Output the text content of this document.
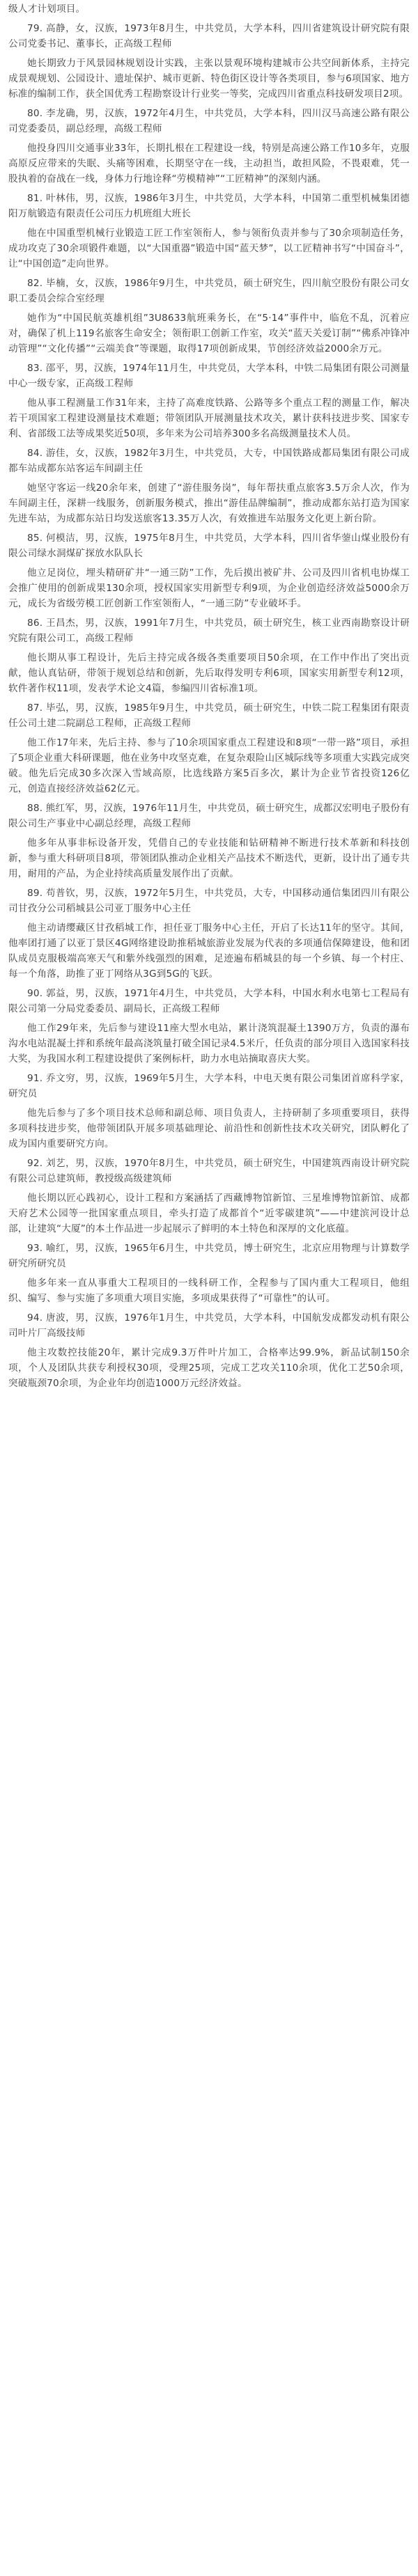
级人才计划项目。

79. 高静，女，汉族，1973年8月生，中共党员，大学本科，四川省建筑设计研究院有限公司党委书记、董事长，正高级工程师

她长期致力于风景园林规划设计实践，主张以景观环境构建城市公共空间新体系，主持完成景观规划、公园设计、遗址保护、城市更新、特色街区设计等各类项目，参与6项国家、地方标准的编制工作，获全国优秀工程勘察设计行业奖一等奖，完成四川省重点科技研发项目2项。

80. 李龙确，男，汉族，1972年4月生，中共党员，大学本科，四川汉马高速公路有限公司党委委员，副总经理，高级工程师

他投身四川交通事业33年，长期扎根在工程建设一线，特别是高速公路工作10多年，克服高原反应带来的失眠、头痛等困难，长期坚守在一线，主动担当，敢担风险，不畏艰难，凭一股执着的奋战在一线，身体力行地诠释“劳模精神”“工匠精神”的深刻内涵。

81. 叶林伟，男，汉族，1986年3月生，中共党员，大学本科，中国第二重型机械集团德阳万航锻造有限责任公司压力机班组大班长

他在中国重型机械行业锻造工匠工作室领衔人，参与领衔负责并参与了30余项制造任务，成功攻克了30余项锻件难题，以“大国重器”锻造中国“蓝天梦”，以工匠精神书写“中国奋斗”，让“中国创造”走向世界。

82. 毕楠，女，汉族，1986年9月生，中共党员，硕士研究生，四川航空股份有限公司女职工委员会综合室经理

她作为“中国民航英雄机组”3U8633航班乘务长，在“5·14”事件中，临危不乱，沉着应对，确保了机上119名旅客生命安全；领衔职工创新工作室，攻关“蓝天关爱订制”“佛系冲锋冲动管理”“文化传播”“云端美食”等课题，取得17项创新成果，节创经济效益2000余万元。

83. 邵平，男，汉族，1974年11月生，中共党员，大学本科，中铁二局集团有限公司测量中心一级专家，正高级工程师

他从事工程测量工作31年来，主持了高难度铁路、公路等多个重点工程的测量工作，解决若干项国家工程建设测量技术难题；带领团队开展测量技术攻关，累计获科技进步奖、国家专利、省部级工法等成果奖近50项，多年来为公司培养300多名高级测量技术人员。

84. 游佳，女，汉族，1982年3月生，中共党员，大专，中国铁路成都局集团有限公司成都车站成都东站客运车间副主任

她坚守客运一线20余年来，创建了“游佳服务岗”，每年帮扶重点旅客3.5万余人次，作为车间副主任，深耕一线服务，创新服务模式，推出“游佳品牌编制”，推动成都东站打造为国家先进车站，为成都东站日均发送旅客13.35万人次，有效推进车站服务文化更上新台阶。

85. 何模洁，男，汉族，1975年8月生，中共党员，大学本科，四川省华蓥山煤业股份有限公司绿水洞煤矿探放水队队长

他立足岗位，埋头精研矿井“一通三防”工作，先后摸出被矿井、公司及四川省机电协煤工会推广使用的创新成果130余项，授权国家实用新型专利9项，为企业创造经济效益5000余万元，成长为省级劳模工匠创新工作室领衔人，“一通三防”专业破坏手。

86. 王昌杰，男，汉族，1991年7月生，中共党员，硕士研究生，核工业西南勘察设计研究院有限公司工，高级工程师

他长期从事工程设计，先后主持完成各级各类重要项目50余项，在工作中作出了突出贡献，他认真钻研，带领于规划总结和创新，先后取得发明专利6项，国家实用新型专利12项，软件著作权11项，发表学术论文4篇，参编四川省标准1项。

87. 毕弘，男，汉族，1985年9月生，中共党员，硕士研究生，中铁二院工程集团有限责任公司土建二院副总工程师，正高级工程师

他工作17年来，先后主持、参与了10余项国家重点工程建设和8项“一带一路”项目，承担了5项企业重大科研课题，他在业务中攻坚克难，在复杂艰险山区城际线等多项重大实践完成突破。他先后完成30多次深入雪域高原，比选线路方案5百多次，累计为企业节省投资126亿元，创造直接经济效益62亿元。

88. 熊红军，男，汉族，1976年11月生，中共党员，硕士研究生，成都汉宏明电子股份有限公司生产事业中心副总经理，高级工程师

他多年从事非标设备开发，凭借自己的专业技能和钻研精神不断进行技术革新和科技创新，参与重大科研项目8项，带领团队推动企业相关产品技术不断迭代，更新，设计出了通专共用，耐用的产品，为企业持续高质量发展作出了贡献。

89. 苟普钦，男，汉族，1972年5月生，中共党员，大专，中国移动通信集团四川有限公司甘孜分公司稻城县公司亚丁服务中心主任

他主动请缨藏区甘孜稻城工作，担任亚丁服务中心主任，开启了长达11年的坚守。其间，他率团打通了以亚丁景区4G网络建设助推稻城旅游业发展为代表的多项通信保障建设，他和团队成员克服极端高寒天气和紫外线强烈的困难，足迹遍布稻城县的每一个乡镇、每一个村庄、每一个角落，助推了亚丁网络从3G到5G的飞跃。

90. 郭益，男，汉族，1971年4月生，中共党员，大学本科，中国水利水电第七工程局有限公司第一分局党委委员、副局长，正高级工程师

他工作29年来，先后参与建设11座大型水电站，累计浇筑混凝土1390万方，负责的瀑布沟水电站混凝土拌和系统年最高浇筑量打破全国记录4.5米斤，任负责的部分项目入选国家科技大奖，为我国水利工程建设提供了案例标杆，助力水电站摘取喜庆大奖。

91. 乔文穷，男，汉族，1969年5月生，大学本科，中电天奥有限公司集团首席科学家，研究员

他先后参与了多个项目技术总师和副总师、项目负责人，主持研制了多项重要项目，获得多项科技进步奖，他带领团队开展多项基础理论、前沿性和创新性技术攻关研究，团队孵化了成为国内重要研究方向。

92. 刘艺，男，汉族，1970年8月生，中共党员，硕士研究生，中国建筑西南设计研究院有限公司总建筑师，教授级高级建筑师

他长期以匠心践初心，设计工程和方案涵括了西藏博物馆新馆、三星堆博物馆新馆、成都天府艺术公园等一批国家重点项目，牵头打造了成都首个“近零碳建筑”——中建滨河设计总部，让建筑“大厦”的本土作品进一步起展示了鲜明的本土特色和深厚的文化底蕴。

93. 喻红，男，汉族，1965年6月生，中共党员，博士研究生，北京应用物理与计算数学研究所研究员

他多年来一直从事重大工程项目的一线科研工作，全程参与了国内重大工程项目，他组织、编写、参与实施了多项重大项目实施，多项成果获得了“可靠性”的认可。

94. 唐波，男，汉族，1976年1月生，中共党员，大学本科，中国航发成都发动机有限公司叶片厂高级技师

他主攻数控技能20年，累计完成9.3万件叶片加工，合格率达99.9%，新品试制150余项，个人及团队共获专利授权30项，受理25项，完成工艺攻关110余项，优化工艺50余项，突破瓶颈70余项，为企业年均创造1000万元经济效益。
